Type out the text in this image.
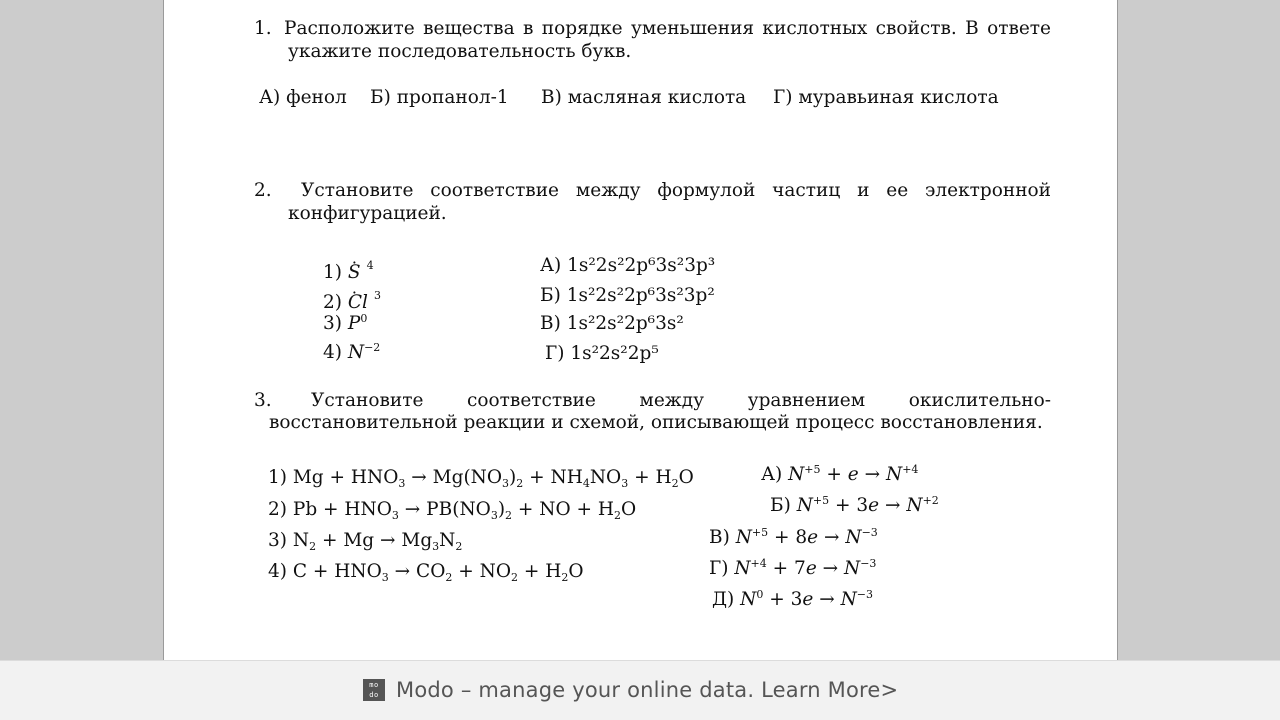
1. Расположите вещества в порядке уменьшения кислотных свойств. В ответе
укажите последовательность букв.
А) фенол Б) пропанол-1 В) масляная кислота Г) муравьиная кислота
2. Установите соответствие между формулой частиц и ее электронной
конфигурацией.
1) S · $^4$
2) Cl · $^3$
3) $P^0$
4) $N^{-2}$
А) 1s²2s²2p⁶3s²3p³
Б) 1s²2s²2p⁶3s²3p²
В) 1s²2s²2p⁶3s²
Г) 1s²2s²2p⁵
3. Установите соответствие между уравнением окислительно-
восстановительной реакции и схемой, описывающей процесс восстановления.
1) $Mg + HNO_3 \to Mg(NO_3)_2 + NH_4NO_3 + H_2O$
2) $Pb + HNO_3 \to PB(NO_3)_2$ + NO + $H_2O$
3) $N_2 + Mg \to Mg_3N_2$
4) $C + HNO_3 \to CO_2 + NO_2 + H_2O$
А) $N^{+5} + e \to N^{+4}$
Б) $N^{+5} + 3e \to N^{+2}$
В) $N^{+5} + 8e \to N^{-3}$
Г) $N^{+4} + 7e \to N^{-3}$
Д) $N^0 + 3e \to N^{-3}$
mo do Modo – manage your online data. Learn More>
